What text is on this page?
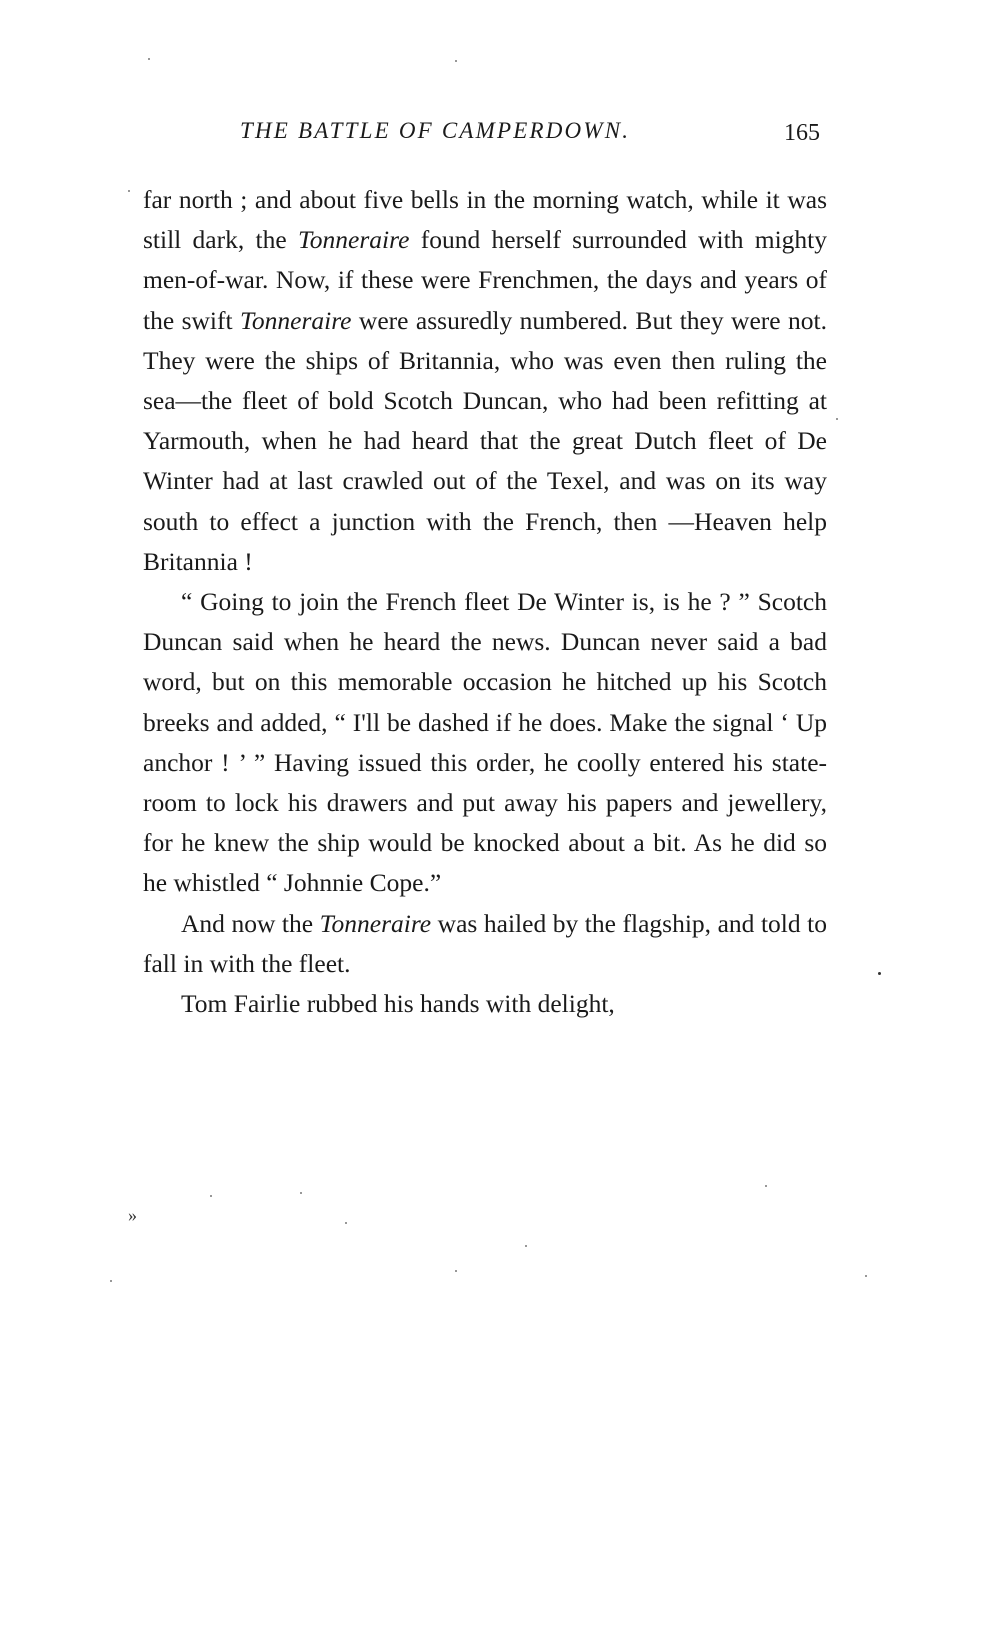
THE BATTLE OF CAMPERDOWN.	165

far north ; and about five bells in the morning watch, while it was still dark, the Tonneraire found herself surrounded with mighty men-of-war. Now, if these were Frenchmen, the days and years of the swift Tonneraire were assuredly numbered. But they were not. They were the ships of Britannia, who was even then ruling the sea—the fleet of bold Scotch Duncan, who had been refitting at Yarmouth, when he had heard that the great Dutch fleet of De Winter had at last crawled out of the Texel, and was on its way south to effect a junction with the French, then —Heaven help Britannia !

“ Going to join the French fleet De Winter is, is he ? ” Scotch Duncan said when he heard the news. Duncan never said a bad word, but on this memorable occasion he hitched up his Scotch breeks and added, “ I'll be dashed if he does. Make the signal ‘ Up anchor ! ’ ” Having issued this order, he coolly entered his state-room to lock his drawers and put away his papers and jewellery, for he knew the ship would be knocked about a bit. As he did so he whistled “ Johnnie Cope.”

And now the Tonneraire was hailed by the flagship, and told to fall in with the fleet.

Tom Fairlie rubbed his hands with delight,

»
